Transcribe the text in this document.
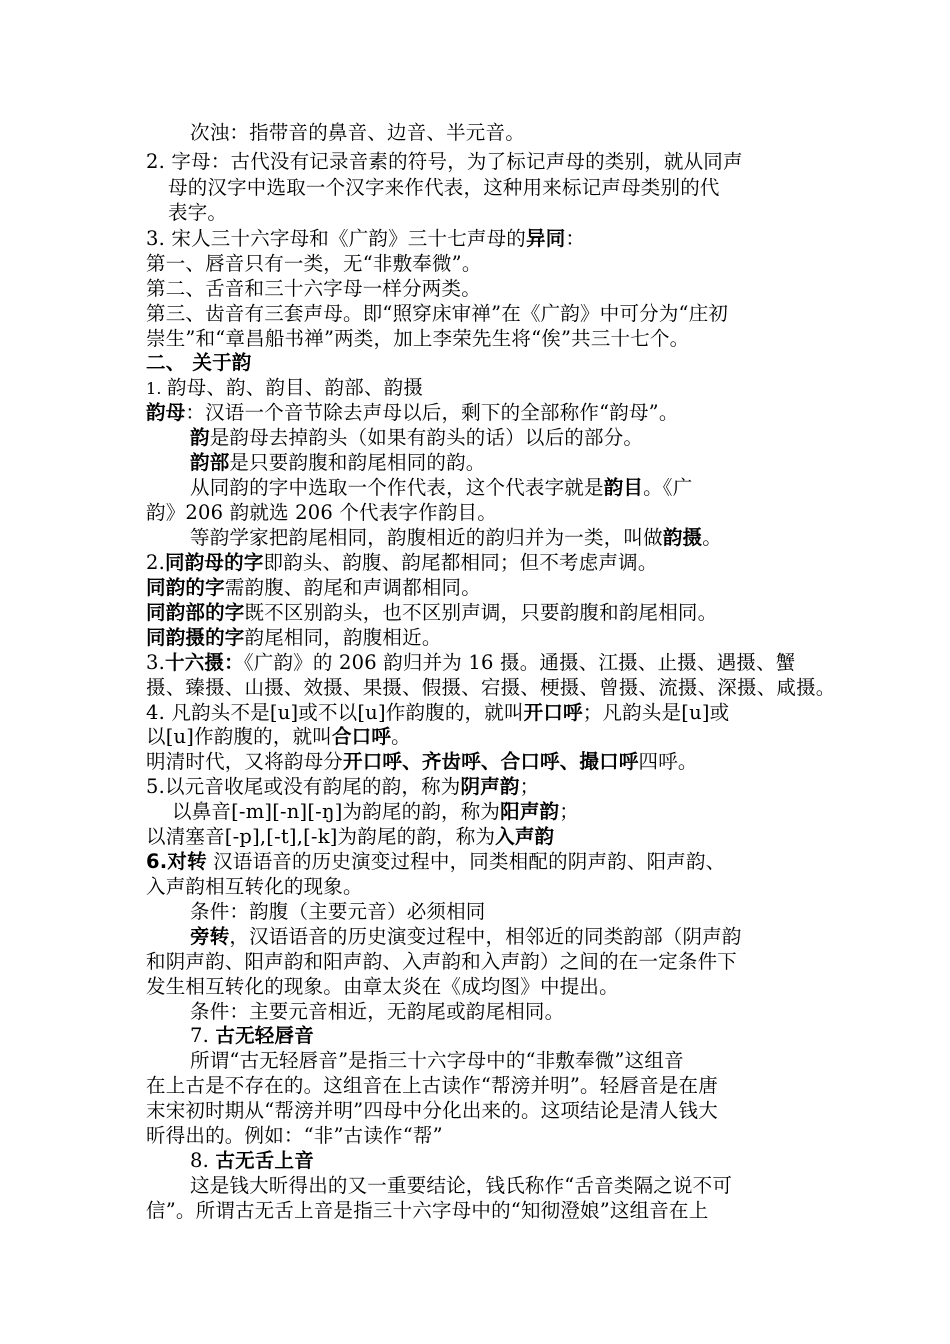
次浊：指带音的鼻音、边音、半元音。
2. 字母：古代没有记录音素的符号，为了标记声母的类别，就从同声
母的汉字中选取一个汉字来作代表，这种用来标记声母类别的代
表字。
3. 宋人三十六字母和《广韵》三十七声母的异同：
第一、唇音只有一类，无“非敷奉微”。
第二、舌音和三十六字母一样分两类。
第三、齿音有三套声母。即“照穿床审禅”在《广韵》中可分为“庄初
崇生”和“章昌船书禅”两类，加上李荣先生将“俟”共三十七个。
二、 关于韵
1. 韵母、韵、韵目、韵部、韵摄
韵母：汉语一个音节除去声母以后，剩下的全部称作“韵母”。
韵是韵母去掉韵头（如果有韵头的话）以后的部分。
韵部是只要韵腹和韵尾相同的韵。
从同韵的字中选取一个作代表，这个代表字就是韵目。《广
韵》206 韵就选 206 个代表字作韵目。
等韵学家把韵尾相同，韵腹相近的韵归并为一类，叫做韵摄。
2.同韵母的字即韵头、韵腹、韵尾都相同；但不考虑声调。
同韵的字需韵腹、韵尾和声调都相同。
同韵部的字既不区别韵头，也不区别声调，只要韵腹和韵尾相同。
同韵摄的字韵尾相同，韵腹相近。
3.十六摄：《广韵》的 206 韵归并为 16 摄。通摄、江摄、止摄、遇摄、蟹
摄、臻摄、山摄、效摄、果摄、假摄、宕摄、梗摄、曾摄、流摄、深摄、咸摄。
4. 凡韵头不是[u]或不以[u]作韵腹的，就叫开口呼；凡韵头是[u]或
以[u]作韵腹的，就叫合口呼。
明清时代，又将韵母分开口呼、齐齿呼、合口呼、撮口呼四呼。
5.以元音收尾或没有韵尾的韵，称为阴声韵；
以鼻音[-m][-n][-ŋ]为韵尾的韵，称为阳声韵；
以清塞音[-p],[-t],[-k]为韵尾的韵，称为入声韵
6.对转 汉语语音的历史演变过程中，同类相配的阴声韵、阳声韵、
入声韵相互转化的现象。
条件：韵腹（主要元音）必须相同
旁转，汉语语音的历史演变过程中，相邻近的同类韵部（阴声韵
和阴声韵、阳声韵和阳声韵、入声韵和入声韵）之间的在一定条件下
发生相互转化的现象。由章太炎在《成均图》中提出。
条件：主要元音相近，无韵尾或韵尾相同。
7. 古无轻唇音
所谓“古无轻唇音”是指三十六字母中的“非敷奉微”这组音
在上古是不存在的。这组音在上古读作“帮滂并明”。轻唇音是在唐
末宋初时期从“帮滂并明”四母中分化出来的。这项结论是清人钱大
昕得出的。例如：“非”古读作“帮”
8. 古无舌上音
这是钱大昕得出的又一重要结论，钱氏称作“舌音类隔之说不可
信”。所谓古无舌上音是指三十六字母中的“知彻澄娘”这组音在上
